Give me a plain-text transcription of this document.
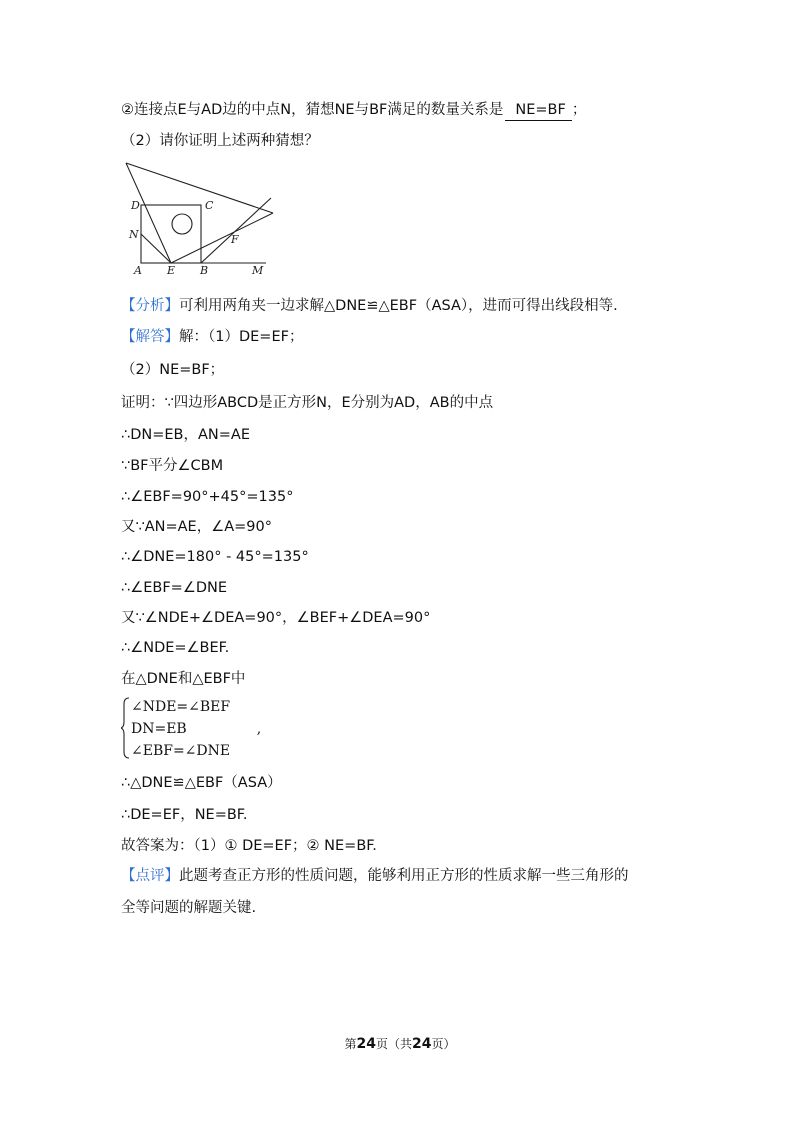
②连接点E与AD边的中点N，猜想NE与BF满足的数量关系是 NE=BF ；
（2）请你证明上述两种猜想？
D	C
N	F
A E B	M
【分析】可利用两角夹一边求解△DNE≌△EBF（ASA），进而可得出线段相等.
【解答】解：（1）DE=EF；
（2）NE=BF；
证明：∵四边形ABCD是正方形N，E分别为AD，AB的中点
∴DN=EB，AN=AE
∵BF平分∠CBM
∴∠EBF=90°+45°=135°
又∵AN=AE，∠A=90°
∴∠DNE=180° - 45°=135°
∴∠EBF=∠DNE
又∵∠NDE+∠DEA=90°，∠BEF+∠DEA=90°
∴∠NDE=∠BEF.
在△DNE和△EBF中
∠NDE=∠BEF
DN=EB	,
∠EBF=∠DNE
∴△DNE≌△EBF（ASA）
∴DE=EF，NE=BF.
故答案为：（1）① DE=EF；② NE=BF.
【点评】此题考查正方形的性质问题，能够利用正方形的性质求解一些三角形的
全等问题的解题关键.
第24页（共24页）
